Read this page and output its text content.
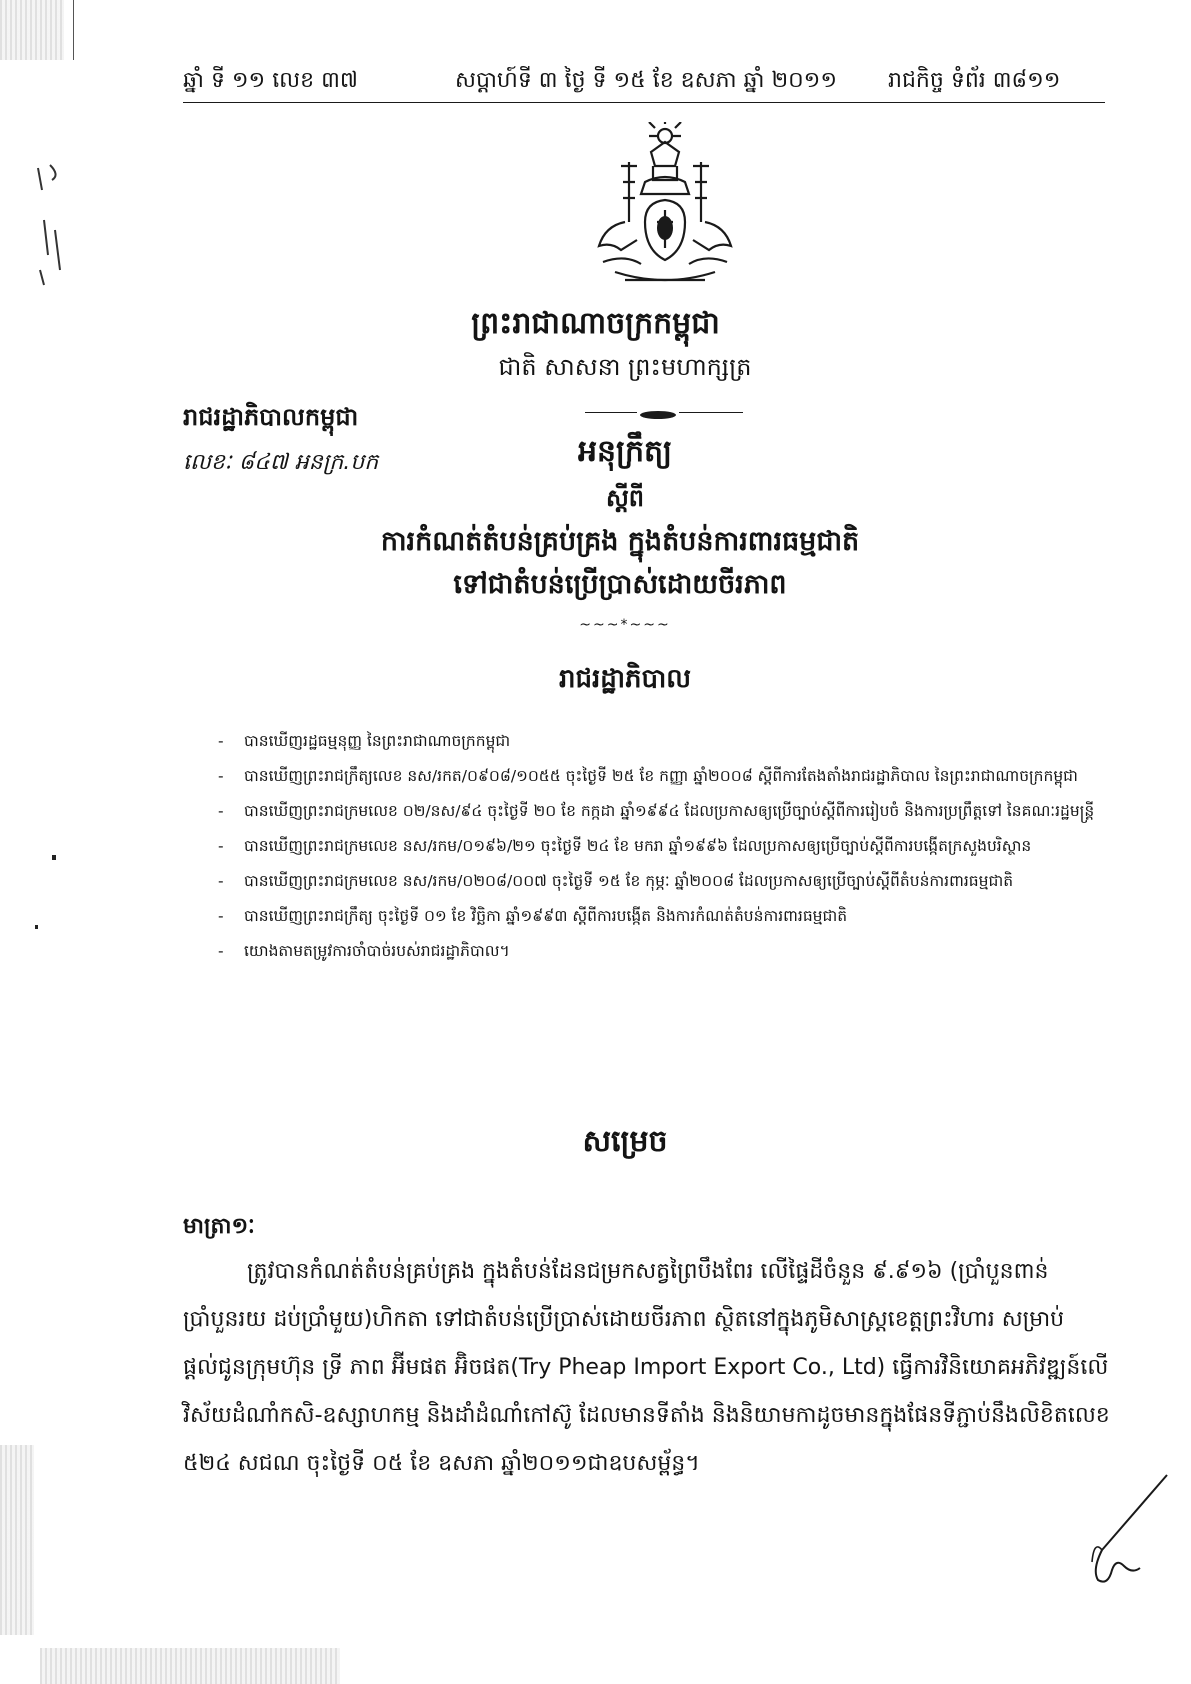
ឆ្នាំ ទី ១១ លេខ ៣៧	សប្តាហ៍ទី ៣ ថ្ងៃ ទី ១៥ ខែ ឧសភា ឆ្នាំ ២០១១ រាជកិច្ច ទំព័រ ៣៨១១
ព្រះរាជាណាចក្រកម្ពុជា
ជាតិ សាសនា ព្រះមហាក្សត្រ
រាជរដ្ឋាភិបាលកម្ពុជា
លេខៈ ៨៤៧ អនក្រ.បក	អនុក្រឹត្យ
ស្តីពី
ការកំណត់តំបន់គ្រប់គ្រង ក្នុងតំបន់ការពារធម្មជាតិ
ទៅជាតំបន់ប្រើប្រាស់ដោយចីរភាព
~~~*~~~
រាជរដ្ឋាភិបាល
- បានឃើញរដ្ឋធម្មនុញ្ញ នៃព្រះរាជាណាចក្រកម្ពុជា
- បានឃើញព្រះរាជក្រឹត្យលេខ នស/រកត/០៩០៨/១០៥៥ ចុះថ្ងៃទី ២៥ ខែ កញ្ញា ឆ្នាំ២០០៨ ស្តីពីការតែងតាំងរាជរដ្ឋាភិបាល នៃព្រះរាជាណាចក្រកម្ពុជា
- បានឃើញព្រះរាជក្រមលេខ ០២/នស/៩៤ ចុះថ្ងៃទី ២០ ខែ កក្កដា ឆ្នាំ១៩៩៤ ដែលប្រកាសឲ្យប្រើច្បាប់ស្តីពីការរៀបចំ និងការប្រព្រឹត្តទៅ នៃគណៈរដ្ឋមន្ត្រី
- បានឃើញព្រះរាជក្រមលេខ នស/រកម/០១៩៦/២១ ចុះថ្ងៃទី ២៤ ខែ មករា ឆ្នាំ១៩៩៦ ដែលប្រកាសឲ្យប្រើច្បាប់ស្តីពីការបង្កើតក្រសួងបរិស្ថាន
- បានឃើញព្រះរាជក្រមលេខ នស/រកម/០២០៨/០០៧ ចុះថ្ងៃទី ១៥ ខែ កុម្ភៈ ឆ្នាំ២០០៨ ដែលប្រកាសឲ្យប្រើច្បាប់ស្តីពីតំបន់ការពារធម្មជាតិ
- បានឃើញព្រះរាជក្រឹត្យ ចុះថ្ងៃទី ០១ ខែ វិច្ឆិកា ឆ្នាំ១៩៩៣ ស្តីពីការបង្កើត និងការកំណត់តំបន់ការពារធម្មជាតិ
- យោងតាមតម្រូវការចាំបាច់របស់រាជរដ្ឋាភិបាល។
សម្រេច
មាត្រា១ៈ

ត្រូវបានកំណត់តំបន់គ្រប់គ្រង ក្នុងតំបន់ដែនជម្រកសត្វព្រៃបឹងពែរ លើផ្ទៃដីចំនួន ៩.៩១៦ (ប្រាំបួនពាន់ ប្រាំបួនរយ ដប់ប្រាំមួយ)ហិកតា ទៅជាតំបន់ប្រើប្រាស់ដោយចីរភាព ស្ថិតនៅក្នុងភូមិសាស្ត្រខេត្តព្រះវិហារ សម្រាប់ផ្តល់ជូនក្រុមហ៊ុន ទ្រី ភាព អ៊ីមផត អ៊ិចផត(Try Pheap Import Export Co., Ltd) ធ្វើការវិនិយោគអភិវឌ្ឍន៍លើវិស័យដំណាំកសិ-ឧស្សាហកម្ម និងដាំដំណាំកៅស៊ូ ដែលមានទីតាំង និងនិយាមកាដូចមានក្នុងផែនទីភ្ជាប់នឹងលិខិតលេខ ៥២៤ សជណ ចុះថ្ងៃទី ០៥ ខែ ឧសភា ឆ្នាំ២០១១ជាឧបសម្ព័ន្ធ។
